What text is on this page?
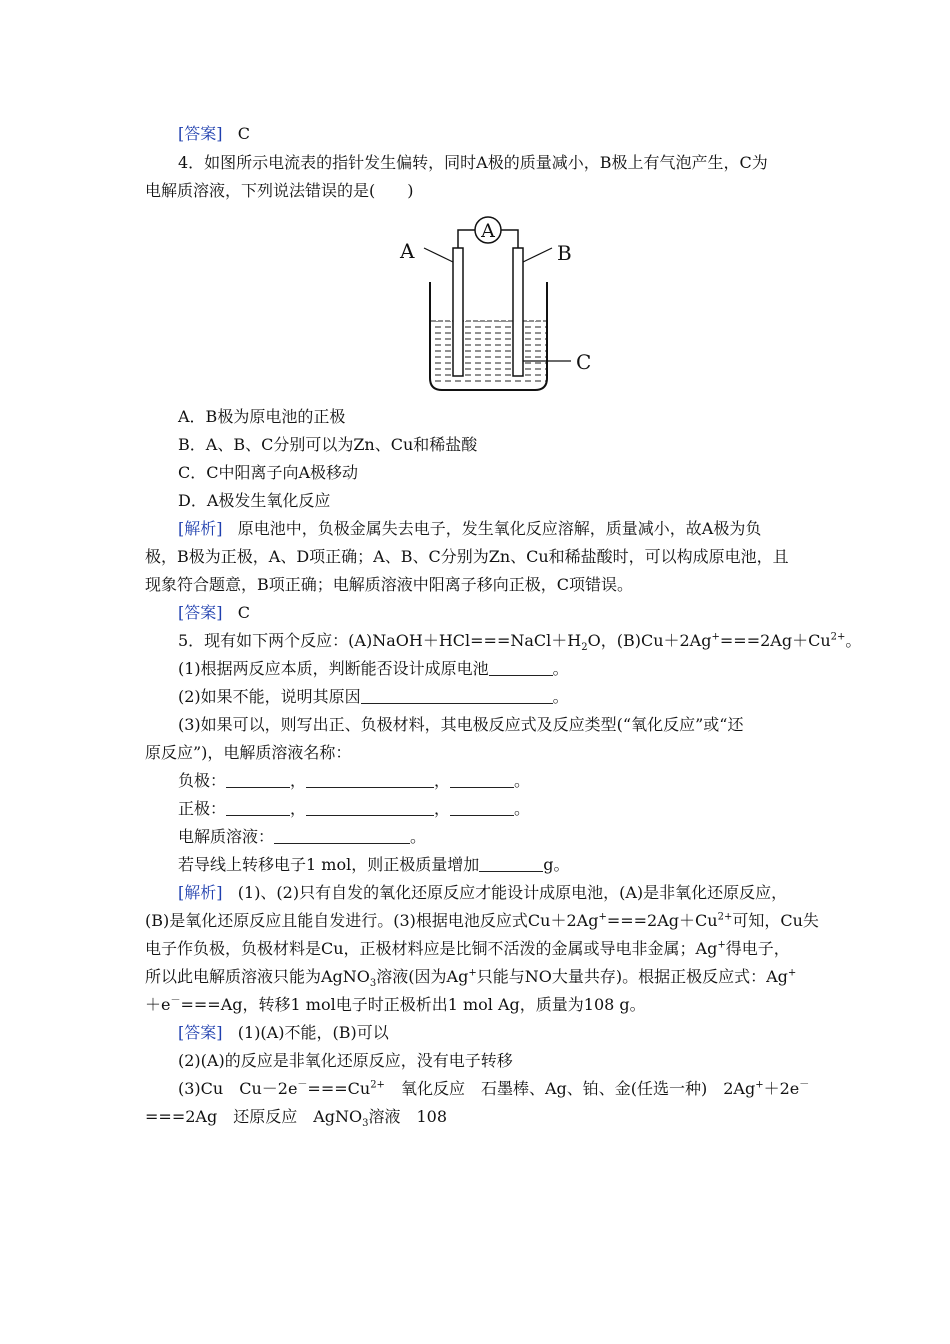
[答案] C
4．如图所示电流表的指针发生偏转，同时A极的质量减小，B极上有气泡产生，C为
电解质溶液，下列说法错误的是(　　)
A
A	B
C
A．B极为原电池的正极
B．A、B、C分别可以为Zn、Cu和稀盐酸
C．C中阳离子向A极移动
D．A极发生氧化反应
[解析] 原电池中，负极金属失去电子，发生氧化反应溶解，质量减小，故A极为负
极，B极为正极，A、D项正确；A、B、C分别为Zn、Cu和稀盐酸时，可以构成原电池，且
现象符合题意，B项正确；电解质溶液中阳离子移向正极，C项错误。
[答案] C
5．现有如下两个反应：$(A)NaOH+HCl===NaCl+H_2O$，$(B)Cu+2Ag^+===2Ag+Cu^{2+}$。
(1)根据两反应本质，判断能否设计成原电池	。
(2)如果不能，说明其原因	。
(3)如果可以，则写出正、负极材料，其电极反应式及反应类型(“氧化反应”或“还
原反应”)，电解质溶液名称：
负极：	，	，	。
正极：	，	，	。
电解质溶液：	。
若导线上转移电子1 mol，则正极质量增加	g。
[解析] (1)、(2)只有自发的氧化还原反应才能设计成原电池，(A)是非氧化还原反应，
(B)是氧化还原反应且能自发进行。(3)根据电池反应式$Cu+2Ag^+===2Ag+Cu^{2+}$可知，Cu失
电子作负极，负极材料是Cu，正极材料应是比铜不活泼的金属或导电非金属；Ag+得电子，
所以此电解质溶液只能为AgNO$_3$溶液(因为Ag+只能与NO大量共存)。根据正极反应式：Ag+
＋e－===Ag，转移1 mol电子时正极析出1 mol Ag，质量为108 g。
[答案] (1)(A)不能，(B)可以
(2)(A)的反应是非氧化还原反应，没有电子转移
(3)Cu　$Cu-2e^-===Cu^{2+}$　氧化反应　石墨棒、Ag、铂、金(任选一种)　2Ag+＋2e－
===2Ag　还原反应　AgNO$_3$溶液　108
